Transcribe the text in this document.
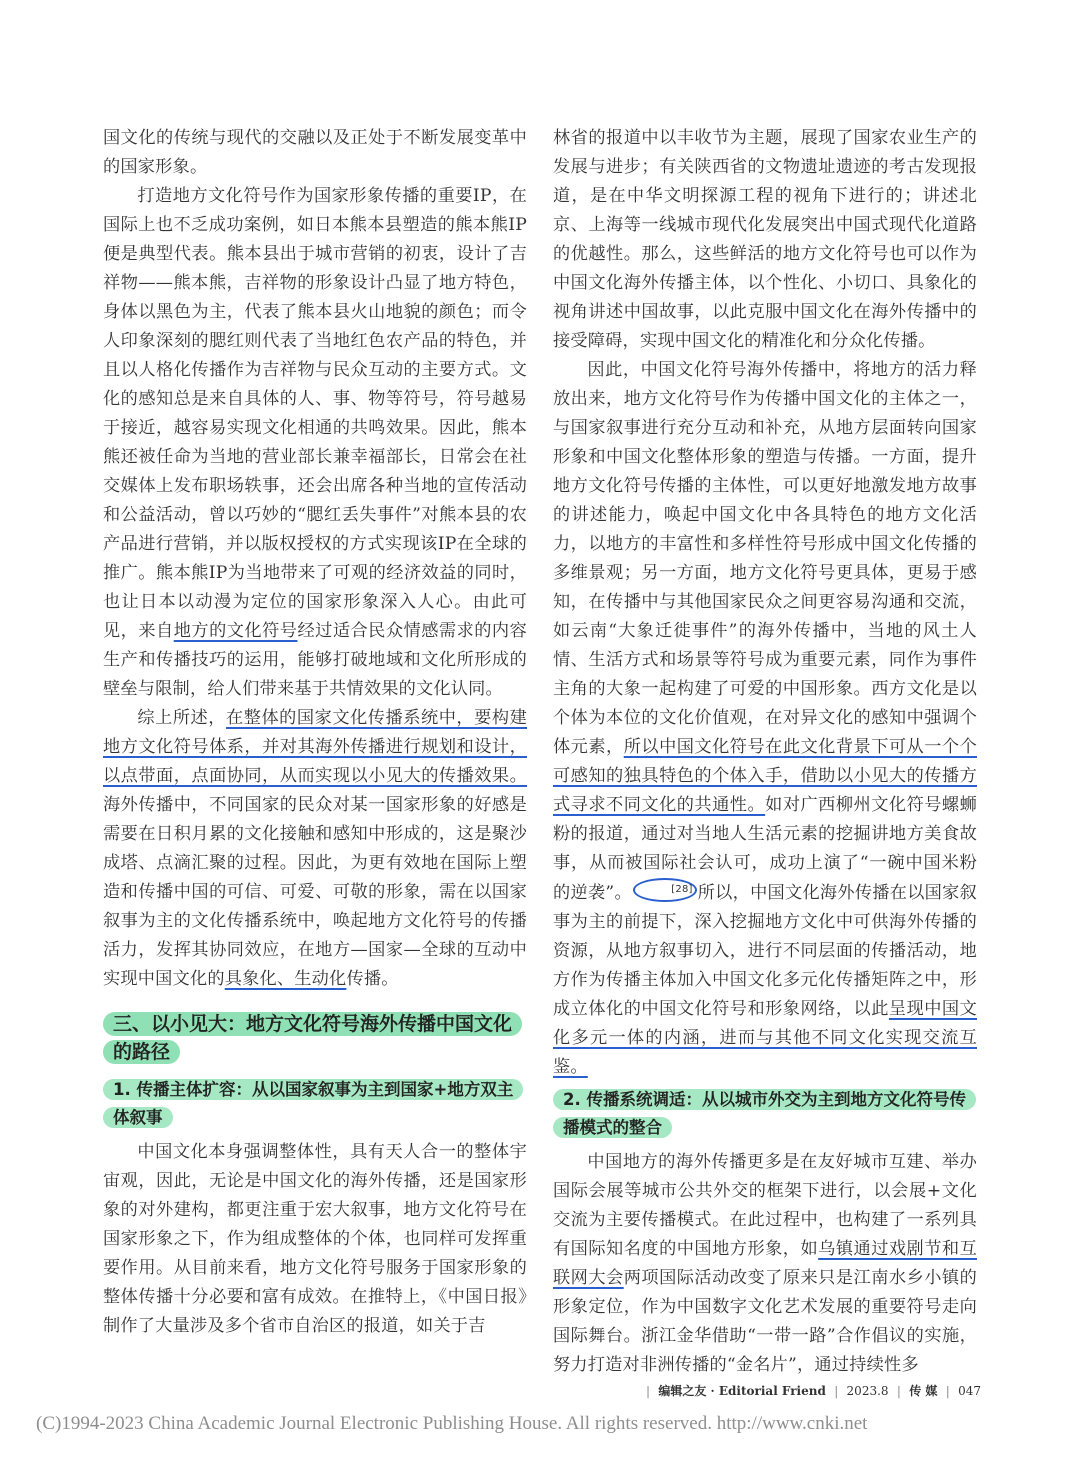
国文化的传统与现代的交融以及正处于不断发展变革中的国家形象。

打造地方文化符号作为国家形象传播的重要IP，在国际上也不乏成功案例，如日本熊本县塑造的熊本熊IP便是典型代表。熊本县出于城市营销的初衷，设计了吉祥物——熊本熊，吉祥物的形象设计凸显了地方特色，身体以黑色为主，代表了熊本县火山地貌的颜色；而令人印象深刻的腮红则代表了当地红色农产品的特色，并且以人格化传播作为吉祥物与民众互动的主要方式。文化的感知总是来自具体的人、事、物等符号，符号越易于接近，越容易实现文化相通的共鸣效果。因此，熊本熊还被任命为当地的营业部长兼幸福部长，日常会在社交媒体上发布职场轶事，还会出席各种当地的宣传活动和公益活动，曾以巧妙的“腮红丢失事件”对熊本县的农产品进行营销，并以版权授权的方式实现该IP在全球的推广。熊本熊IP为当地带来了可观的经济效益的同时，也让日本以动漫为定位的国家形象深入人心。由此可见，来自地方的文化符号经过适合民众情感需求的内容生产和传播技巧的运用，能够打破地域和文化所形成的壁垒与限制，给人们带来基于共情效果的文化认同。

综上所述，在整体的国家文化传播系统中，要构建地方文化符号体系，并对其海外传播进行规划和设计，以点带面，点面协同，从而实现以小见大的传播效果。海外传播中，不同国家的民众对某一国家形象的好感是需要在日积月累的文化接触和感知中形成的，这是聚沙成塔、点滴汇聚的过程。因此，为更有效地在国际上塑造和传播中国的可信、可爱、可敬的形象，需在以国家叙事为主的文化传播系统中，唤起地方文化符号的传播活力，发挥其协同效应，在地方—国家—全球的互动中实现中国文化的具象化、生动化传播。

三、以小见大：地方文化符号海外传播中国文化的路径
1. 传播主体扩容：从以国家叙事为主到国家+地方双主体叙事

中国文化本身强调整体性，具有天人合一的整体宇宙观，因此，无论是中国文化的海外传播，还是国家形象的对外建构，都更注重于宏大叙事，地方文化符号在国家形象之下，作为组成整体的个体，也同样可发挥重要作用。从目前来看，地方文化符号服务于国家形象的整体传播十分必要和富有成效。在推特上，《中国日报》制作了大量涉及多个省市自治区的报道，如关于吉

林省的报道中以丰收节为主题，展现了国家农业生产的发展与进步；有关陕西省的文物遗址遗迹的考古发现报道，是在中华文明探源工程的视角下进行的；讲述北京、上海等一线城市现代化发展突出中国式现代化道路的优越性。那么，这些鲜活的地方文化符号也可以作为中国文化海外传播主体，以个性化、小切口、具象化的视角讲述中国故事，以此克服中国文化在海外传播中的接受障碍，实现中国文化的精准化和分众化传播。

因此，中国文化符号海外传播中，将地方的活力释放出来，地方文化符号作为传播中国文化的主体之一，与国家叙事进行充分互动和补充，从地方层面转向国家形象和中国文化整体形象的塑造与传播。一方面，提升地方文化符号传播的主体性，可以更好地激发地方故事的讲述能力，唤起中国文化中各具特色的地方文化活力，以地方的丰富性和多样性符号形成中国文化传播的多维景观；另一方面，地方文化符号更具体，更易于感知，在传播中与其他国家民众之间更容易沟通和交流，如云南“大象迁徙事件”的海外传播中，当地的风土人情、生活方式和场景等符号成为重要元素，同作为事件主角的大象一起构建了可爱的中国形象。西方文化是以个体为本位的文化价值观，在对异文化的感知中强调个体元素，所以中国文化符号在此文化背景下可从一个个可感知的独具特色的个体入手，借助以小见大的传播方式寻求不同文化的共通性。如对广西柳州文化符号螺蛳粉的报道，通过对当地人生活元素的挖掘讲地方美食故事，从而被国际社会认可，成功上演了“一碗中国米粉的逆袭”。	[28] 所以，中国文化海外传播在以国家叙事为主的前提下，深入挖掘地方文化中可供海外传播的资源，从地方叙事切入，进行不同层面的传播活动，地方作为传播主体加入中国文化多元化传播矩阵之中，形成立体化的中国文化符号和形象网络，以此呈现中国文化多元一体的内涵，进而与其他不同文化实现交流互鉴。

2. 传播系统调适：从以城市外交为主到地方文化符号传播模式的整合

中国地方的海外传播更多是在友好城市互建、举办国际会展等城市公共外交的框架下进行，以会展+文化交流为主要传播模式。在此过程中，也构建了一系列具有国际知名度的中国地方形象，如乌镇通过戏剧节和互联网大会两项国际活动改变了原来只是江南水乡小镇的形象定位，作为中国数字文化艺术发展的重要符号走向国际舞台。浙江金华借助“一带一路”合作倡议的实施，努力打造对非洲传播的“金名片”，通过持续性多

| 编辑之友 · Editorial Friend | 2023.8 | 传 媒 | 047
(C)1994-2023 China Academic Journal Electronic Publishing House. All rights reserved. http://www.cnki.net
